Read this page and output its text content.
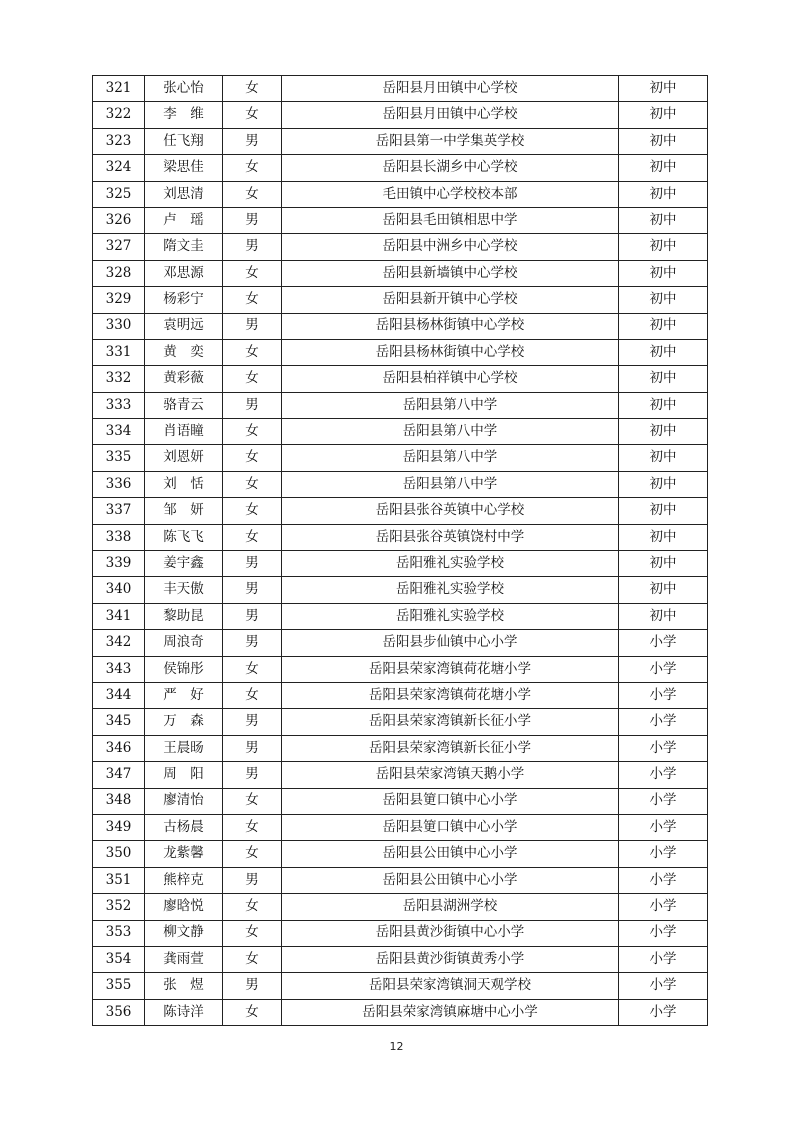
321	张心怡	女	岳阳县月田镇中心学校	初中
322	李　维	女	岳阳县月田镇中心学校	初中
323	任飞翔	男	岳阳县第一中学集英学校	初中
324	梁思佳	女	岳阳县长湖乡中心学校	初中
325	刘思清	女	毛田镇中心学校校本部	初中
326	卢　瑶	男	岳阳县毛田镇相思中学	初中
327	隋文圭	男	岳阳县中洲乡中心学校	初中
328	邓思源	女	岳阳县新墙镇中心学校	初中
329	杨彩宁	女	岳阳县新开镇中心学校	初中
330	袁明远	男	岳阳县杨林街镇中心学校	初中
331	黄　奕	女	岳阳县杨林街镇中心学校	初中
332	黄彩薇	女	岳阳县柏祥镇中心学校	初中
333	骆青云	男	岳阳县第八中学	初中
334	肖语瞳	女	岳阳县第八中学	初中
335	刘恩妍	女	岳阳县第八中学	初中
336	刘　恬	女	岳阳县第八中学	初中
337	邹　妍	女	岳阳县张谷英镇中心学校	初中
338	陈飞飞	女	岳阳县张谷英镇饶村中学	初中
339	姜宇鑫	男	岳阳雅礼实验学校	初中
340	丰天傲	男	岳阳雅礼实验学校	初中
341	黎助昆	男	岳阳雅礼实验学校	初中
342	周浪奇	男	岳阳县步仙镇中心小学	小学
343	侯锦彤	女	岳阳县荣家湾镇荷花塘小学	小学
344	严　好	女	岳阳县荣家湾镇荷花塘小学	小学
345	万　森	男	岳阳县荣家湾镇新长征小学	小学
346	王晨旸	男	岳阳县荣家湾镇新长征小学	小学
347	周　阳	男	岳阳县荣家湾镇天鹅小学	小学
348	廖清怡	女	岳阳县筻口镇中心小学	小学
349	古杨晨	女	岳阳县筻口镇中心小学	小学
350	龙紫馨	女	岳阳县公田镇中心小学	小学
351	熊梓克	男	岳阳县公田镇中心小学	小学
352	廖晗悦	女	岳阳县湖洲学校	小学
353	柳文静	女	岳阳县黄沙街镇中心小学	小学
354	龚雨萱	女	岳阳县黄沙街镇黄秀小学	小学
355	张　煜	男	岳阳县荣家湾镇洞天观学校	小学
356	陈诗洋	女	岳阳县荣家湾镇麻塘中心小学	小学
12
